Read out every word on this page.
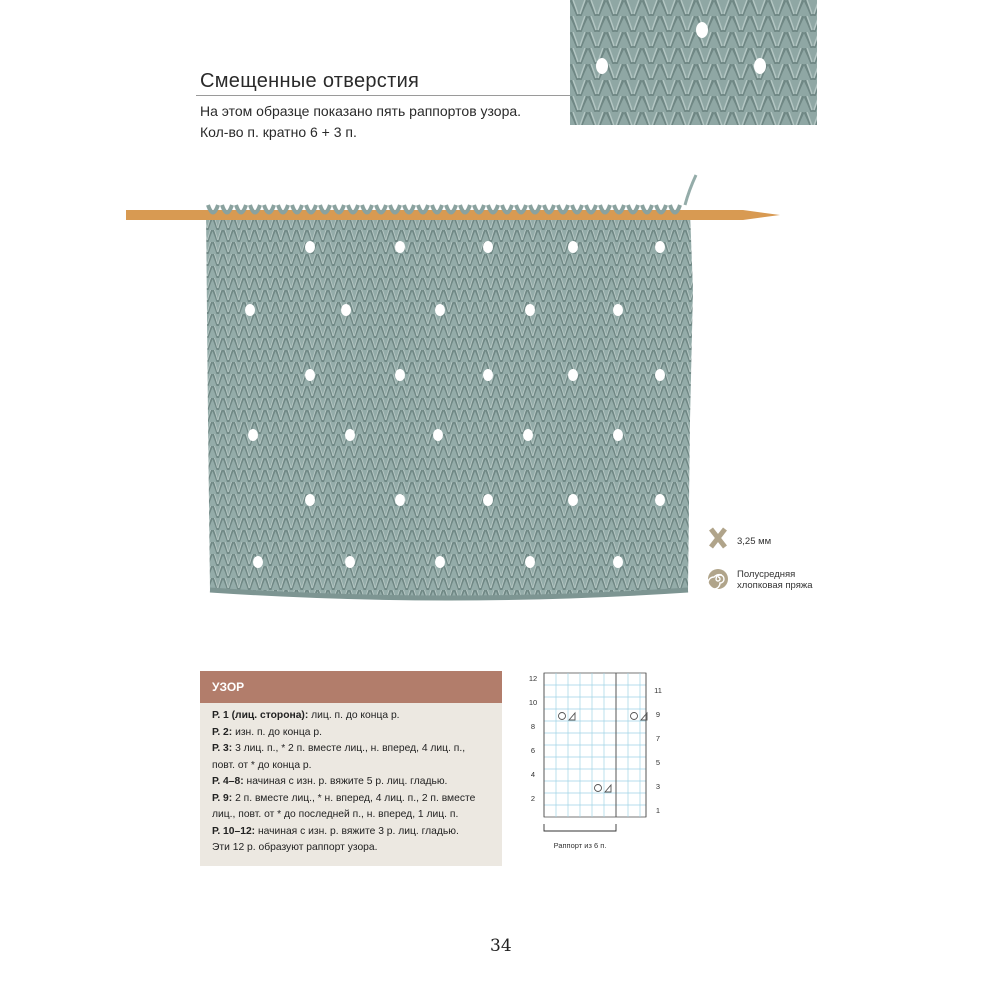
Смещенные отверстия
На этом образце показано пять раппортов узора.
Кол-во п. кратно 6 + 3 п.
3,25 мм
Полусредняя
хлопковая пряжа
УЗОР
Р. 1 (лиц. сторона): лиц. п. до конца р.
Р. 2: изн. п. до конца р.
Р. 3: 3 лиц. п., * 2 п. вместе лиц., н. вперед, 4 лиц. п.,
повт. от * до конца р.
Р. 4–8: начиная с изн. р. вяжите 5 р. лиц. гладью.
Р. 9: 2 п. вместе лиц., * н. вперед, 4 лиц. п., 2 п. вместе
лиц., повт. от * до последней п., н. вперед, 1 лиц. п.
Р. 10–12: начиная с изн. р. вяжите 3 р. лиц. гладью.
Эти 12 р. образуют раппорт узора.
12
10
8
6
4
2
11
9
7
5
3
1
Раппорт из 6 п.
34
